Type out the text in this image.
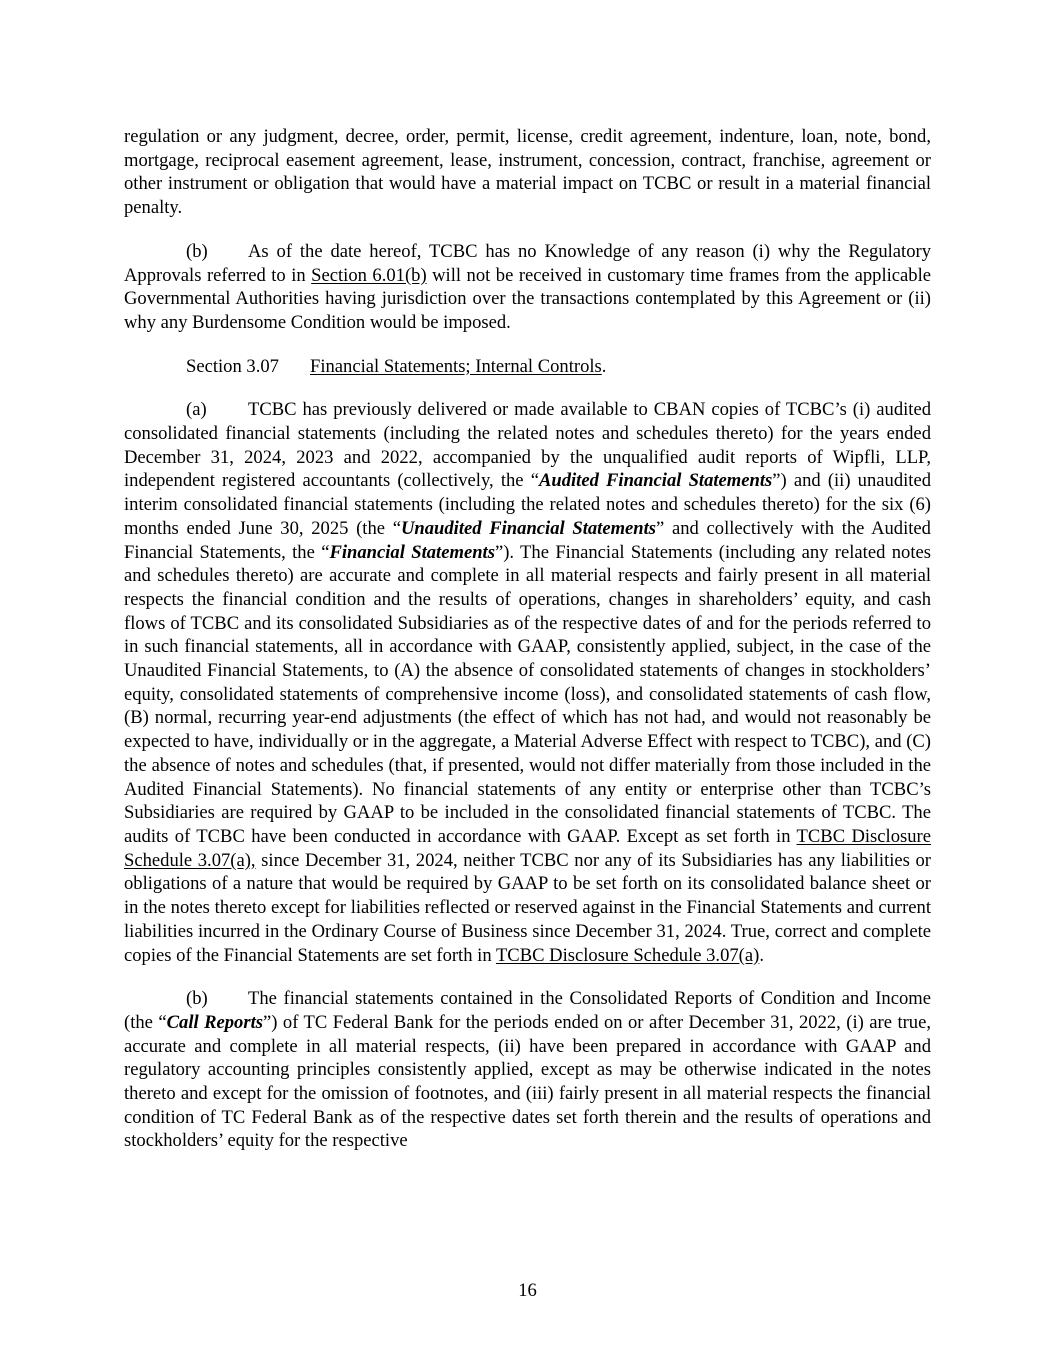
regulation or any judgment, decree, order, permit, license, credit agreement, indenture, loan, note, bond, mortgage, reciprocal easement agreement, lease, instrument, concession, contract, franchise, agreement or other instrument or obligation that would have a material impact on TCBC or result in a material financial penalty.

(b) As of the date hereof, TCBC has no Knowledge of any reason (i) why the Regulatory Approvals referred to in Section 6.01(b) will not be received in customary time frames from the applicable Governmental Authorities having jurisdiction over the transactions contemplated by this Agreement or (ii) why any Burdensome Condition would be imposed.

Section 3.07 Financial Statements; Internal Controls.

(a) TCBC has previously delivered or made available to CBAN copies of TCBC’s (i) audited consolidated financial statements (including the related notes and schedules thereto) for the years ended December 31, 2024, 2023 and 2022, accompanied by the unqualified audit reports of Wipfli, LLP, independent registered accountants (collectively, the “Audited Financial Statements”) and (ii) unaudited interim consolidated financial statements (including the related notes and schedules thereto) for the six (6) months ended June 30, 2025 (the “Unaudited Financial Statements” and collectively with the Audited Financial Statements, the “Financial Statements”). The Financial Statements (including any related notes and schedules thereto) are accurate and complete in all material respects and fairly present in all material respects the financial condition and the results of operations, changes in shareholders’ equity, and cash flows of TCBC and its consolidated Subsidiaries as of the respective dates of and for the periods referred to in such financial statements, all in accordance with GAAP, consistently applied, subject, in the case of the Unaudited Financial Statements, to (A) the absence of consolidated statements of changes in stockholders’ equity, consolidated statements of comprehensive income (loss), and consolidated statements of cash flow, (B) normal, recurring year-end adjustments (the effect of which has not had, and would not reasonably be expected to have, individually or in the aggregate, a Material Adverse Effect with respect to TCBC), and (C) the absence of notes and schedules (that, if presented, would not differ materially from those included in the Audited Financial Statements). No financial statements of any entity or enterprise other than TCBC’s Subsidiaries are required by GAAP to be included in the consolidated financial statements of TCBC. The audits of TCBC have been conducted in accordance with GAAP. Except as set forth in TCBC Disclosure Schedule 3.07(a), since December 31, 2024, neither TCBC nor any of its Subsidiaries has any liabilities or obligations of a nature that would be required by GAAP to be set forth on its consolidated balance sheet or in the notes thereto except for liabilities reflected or reserved against in the Financial Statements and current liabilities incurred in the Ordinary Course of Business since December 31, 2024. True, correct and complete copies of the Financial Statements are set forth in TCBC Disclosure Schedule 3.07(a).

(b) The financial statements contained in the Consolidated Reports of Condition and Income (the “Call Reports”) of TC Federal Bank for the periods ended on or after December 31, 2022, (i) are true, accurate and complete in all material respects, (ii) have been prepared in accordance with GAAP and regulatory accounting principles consistently applied, except as may be otherwise indicated in the notes thereto and except for the omission of footnotes, and (iii) fairly present in all material respects the financial condition of TC Federal Bank as of the respective dates set forth therein and the results of operations and stockholders’ equity for the respective

16
